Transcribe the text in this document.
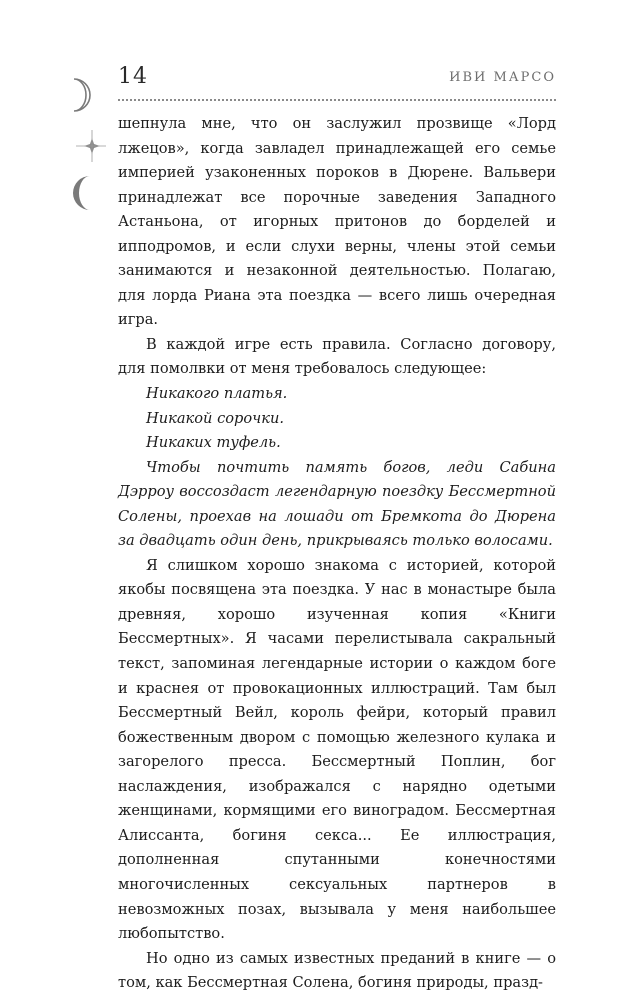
14	ИВИ МАРСО

шепнула мне, что он заслужил прозвище «Лорд лжецов», когда завладел принадлежащей его семье империей узаконенных пороков в Дюрене. Вальвери принадлежат все порочные заведения Западного Астаньона, от игорных притонов до борделей и ипподромов, и если слухи верны, члены этой семьи занимаются и незаконной деятельностью. Полагаю, для лорда Риана эта поездка — всего лишь очередная игра.

В каждой игре есть правила. Согласно договору, для помолвки от меня требовалось следующее:

Никакого платья.

Никакой сорочки.

Никаких туфель.

Чтобы почтить память богов, леди Сабина Дэрроу воссоздаст легендарную поездку Бессмертной Солены, проехав на лошади от Бремкота до Дюрена за двадцать один день, прикрываясь только волосами.

Я слишком хорошо знакома с историей, которой якобы посвящена эта поездка. У нас в монастыре была древняя, хорошо изученная копия «Книги Бессмертных». Я часами перелистывала сакральный текст, запоминая легендарные истории о каждом боге и краснея от провокационных иллюстраций. Там был Бессмертный Вейл, король фейри, который правил божественным двором с помощью железного кулака и загорелого пресса. Бессмертный Поплин, бог наслаждения, изображался с нарядно одетыми женщинами, кормящими его виноградом. Бессмертная Алиссанта, богиня секса... Ее иллюстрация, дополненная спутанными конечностями многочисленных сексуальных партнеров в невозможных позах, вызывала у меня наибольшее любопытство.

Но одно из самых известных преданий в книге — о том, как Бессмертная Солена, богиня природы, празд-
